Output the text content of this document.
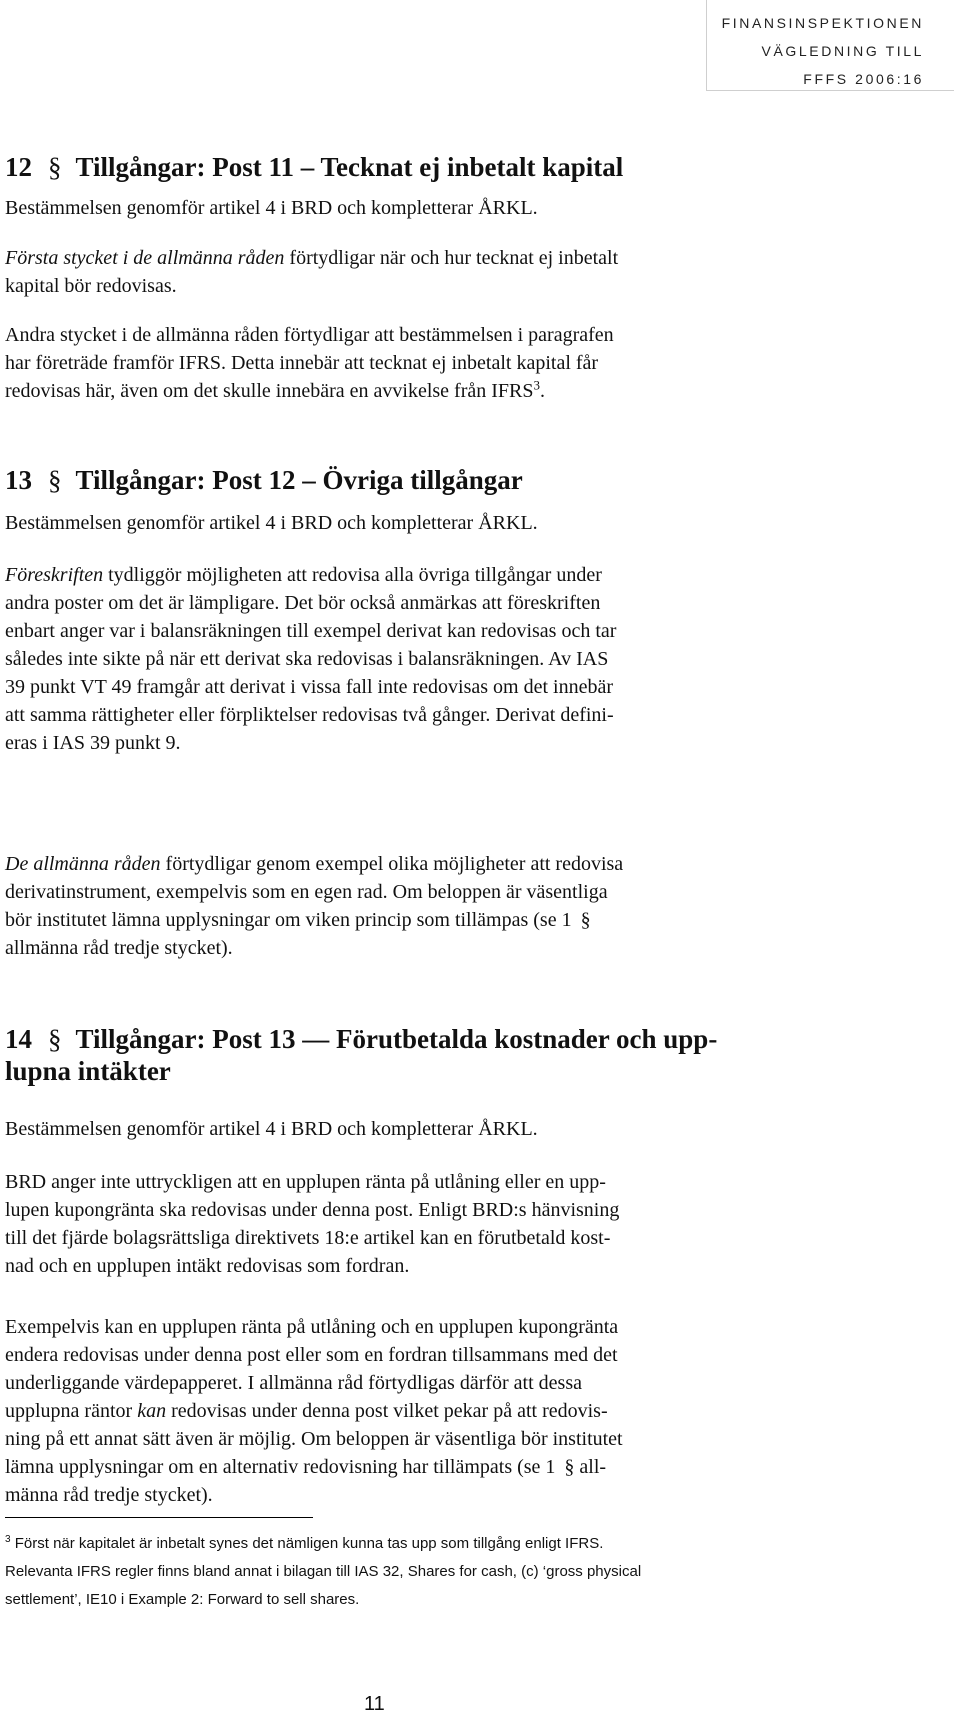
FINANSINSPEKTIONEN
VÄGLEDNING TILL
FFFS 2006:16
12 § Tillgångar: Post 11 – Tecknat ej inbetalt kapital
Bestämmelsen genomför artikel 4 i BRD och kompletterar ÅRKL.
Första stycket i de allmänna råden förtydligar när och hur tecknat ej inbetalt
kapital bör redovisas.
Andra stycket i de allmänna råden förtydligar att bestämmelsen i paragrafen
har företräde framför IFRS. Detta innebär att tecknat ej inbetalt kapital får
redovisas här, även om det skulle innebära en avvikelse från IFRS$^3$.
13 § Tillgångar: Post 12 – Övriga tillgångar
Bestämmelsen genomför artikel 4 i BRD och kompletterar ÅRKL.
Föreskriften tydliggör möjligheten att redovisa alla övriga tillgångar under
andra poster om det är lämpligare. Det bör också anmärkas att föreskriften
enbart anger var i balansräkningen till exempel derivat kan redovisas och tar
således inte sikte på när ett derivat ska redovisas i balansräkningen. Av IAS
39 punkt VT 49 framgår att derivat i vissa fall inte redovisas om det innebär
att samma rättigheter eller förpliktelser redovisas två gånger. Derivat defini-
eras i IAS 39 punkt 9.
De allmänna råden förtydligar genom exempel olika möjligheter att redovisa
derivatinstrument, exempelvis som en egen rad. Om beloppen är väsentliga
bör institutet lämna upplysningar om viken princip som tillämpas (se 1 §
allmänna råd tredje stycket).
14 § Tillgångar: Post 13 — Förutbetalda kostnader och upp-
lupna intäkter
Bestämmelsen genomför artikel 4 i BRD och kompletterar ÅRKL.
BRD anger inte uttryckligen att en upplupen ränta på utlåning eller en upp-
lupen kupongränta ska redovisas under denna post. Enligt BRD:s hänvisning
till det fjärde bolagsrättsliga direktivets 18:e artikel kan en förutbetald kost-
nad och en upplupen intäkt redovisas som fordran.
Exempelvis kan en upplupen ränta på utlåning och en upplupen kupongränta
endera redovisas under denna post eller som en fordran tillsammans med det
underliggande värdepapperet. I allmänna råd förtydligas därför att dessa
upplupna räntor kan redovisas under denna post vilket pekar på att redovis-
ning på ett annat sätt även är möjlig. Om beloppen är väsentliga bör institutet
lämna upplysningar om en alternativ redovisning har tillämpats (se 1 § all-
männa råd tredje stycket).
$^3$ Först när kapitalet är inbetalt synes det nämligen kunna tas upp som tillgång enligt IFRS.
Relevanta IFRS regler finns bland annat i bilagan till IAS 32, Shares for cash, (c) ‘gross physical
settlement’, IE10 i Example 2: Forward to sell shares.
11
